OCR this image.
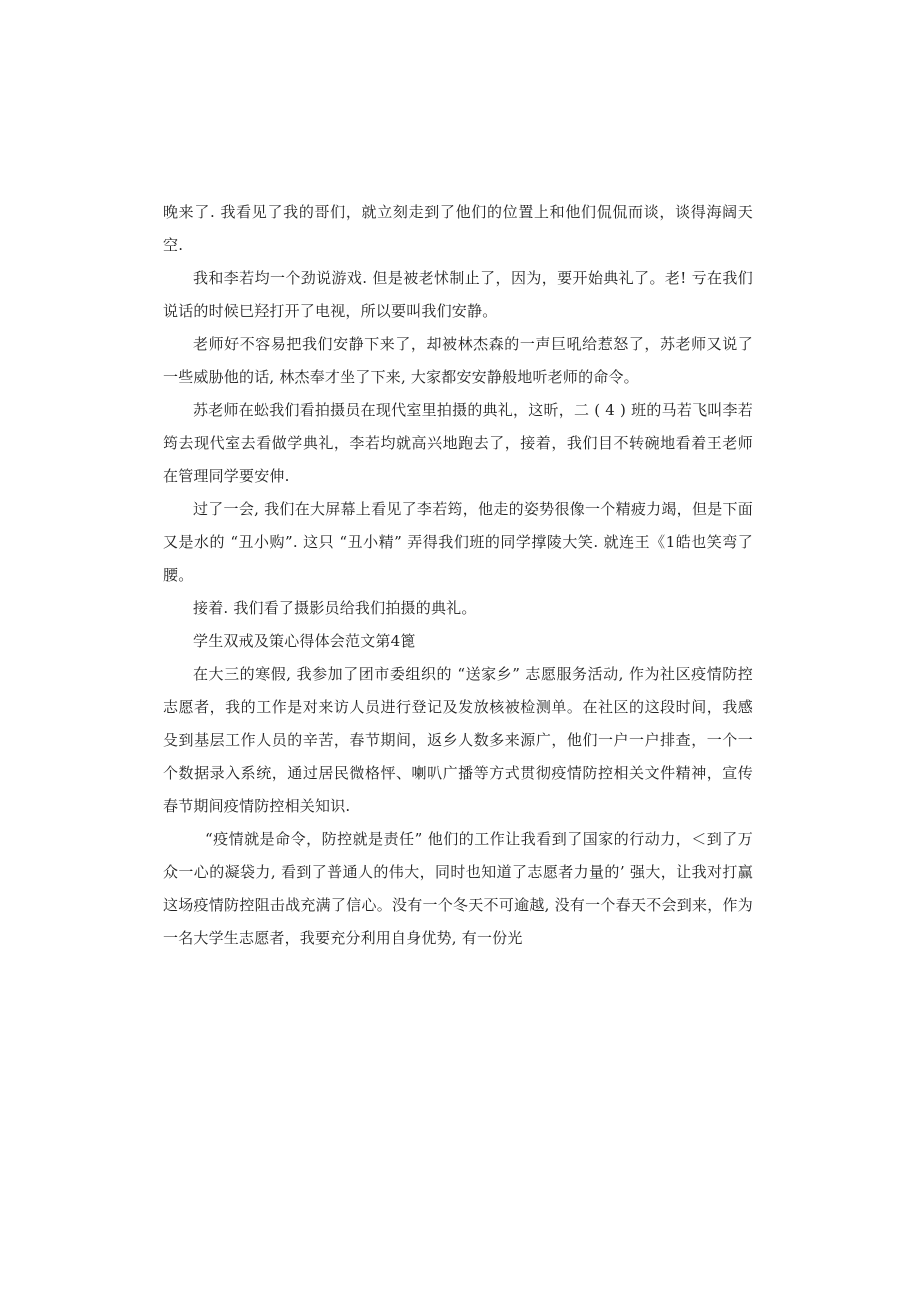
晚来了. 我看见了我的哥们，就立刻走到了他们的位置上和他们侃侃而谈，谈得海阔天空.

我和李若均一个劲说游戏. 但是被老怵制止了，因为，要开始典礼了。老! 亏在我们说话的时候巳羟打开了电视，所以要叫我们安静。

老师好不容易把我们安静下来了，却被林杰森的一声巨吼给惹怒了，苏老师又说了一些威胁他的话, 林杰奉才坐了下来, 大家都安安静般地听老师的命令。

苏老师在蚣我们看拍摄员在现代室里拍摄的典礼，这昕，二 ( 4 ) 班的马若飞叫李若筠去现代室去看做学典礼，李若均就高兴地跑去了，接着，我们目不转碗地看着王老师在管理同学要安伸.

过了一会, 我们在大屏幕上看见了李若筠，他走的姿势很像一个精疲力竭，但是下面又是水的 “丑小购”. 这只 “丑小精” 弄得我们班的同学撑陵大笑. 就连王《1皓也笑弯了腰。

接着. 我们看了摄影员给我们拍摄的典礼。

学生双戒及策心得体会范文第4篦

在大三的寒假, 我参加了团市委组织的 “送家乡” 志愿服务活动, 作为社区疫情防控志愿者，我的工作是对来访人员进行登记及发放核被检测单。在社区的这段时间，我感殳到基层工作人员的辛苦，春节期间，返乡人数多来源广，他们一户一户排查，一个一个数据录入系统，通过居民微格怦、喇叭广播等方式贯彻疫情防控相关文件精神，宣传春节期间疫情防控相关知识.

“疫情就是命令，防控就是责任” 他们的工作让我看到了国家的行动力，＜到了万众一心的凝袋力, 看到了普通人的伟大，同时也知道了志愿者力量的’ 强大，让我对打赢这场疫情防控阻击战充满了信心。没有一个冬天不可逾越, 没有一个春天不会到来，作为一名大学生志愿者，我要充分利用自身优势, 有一份光
